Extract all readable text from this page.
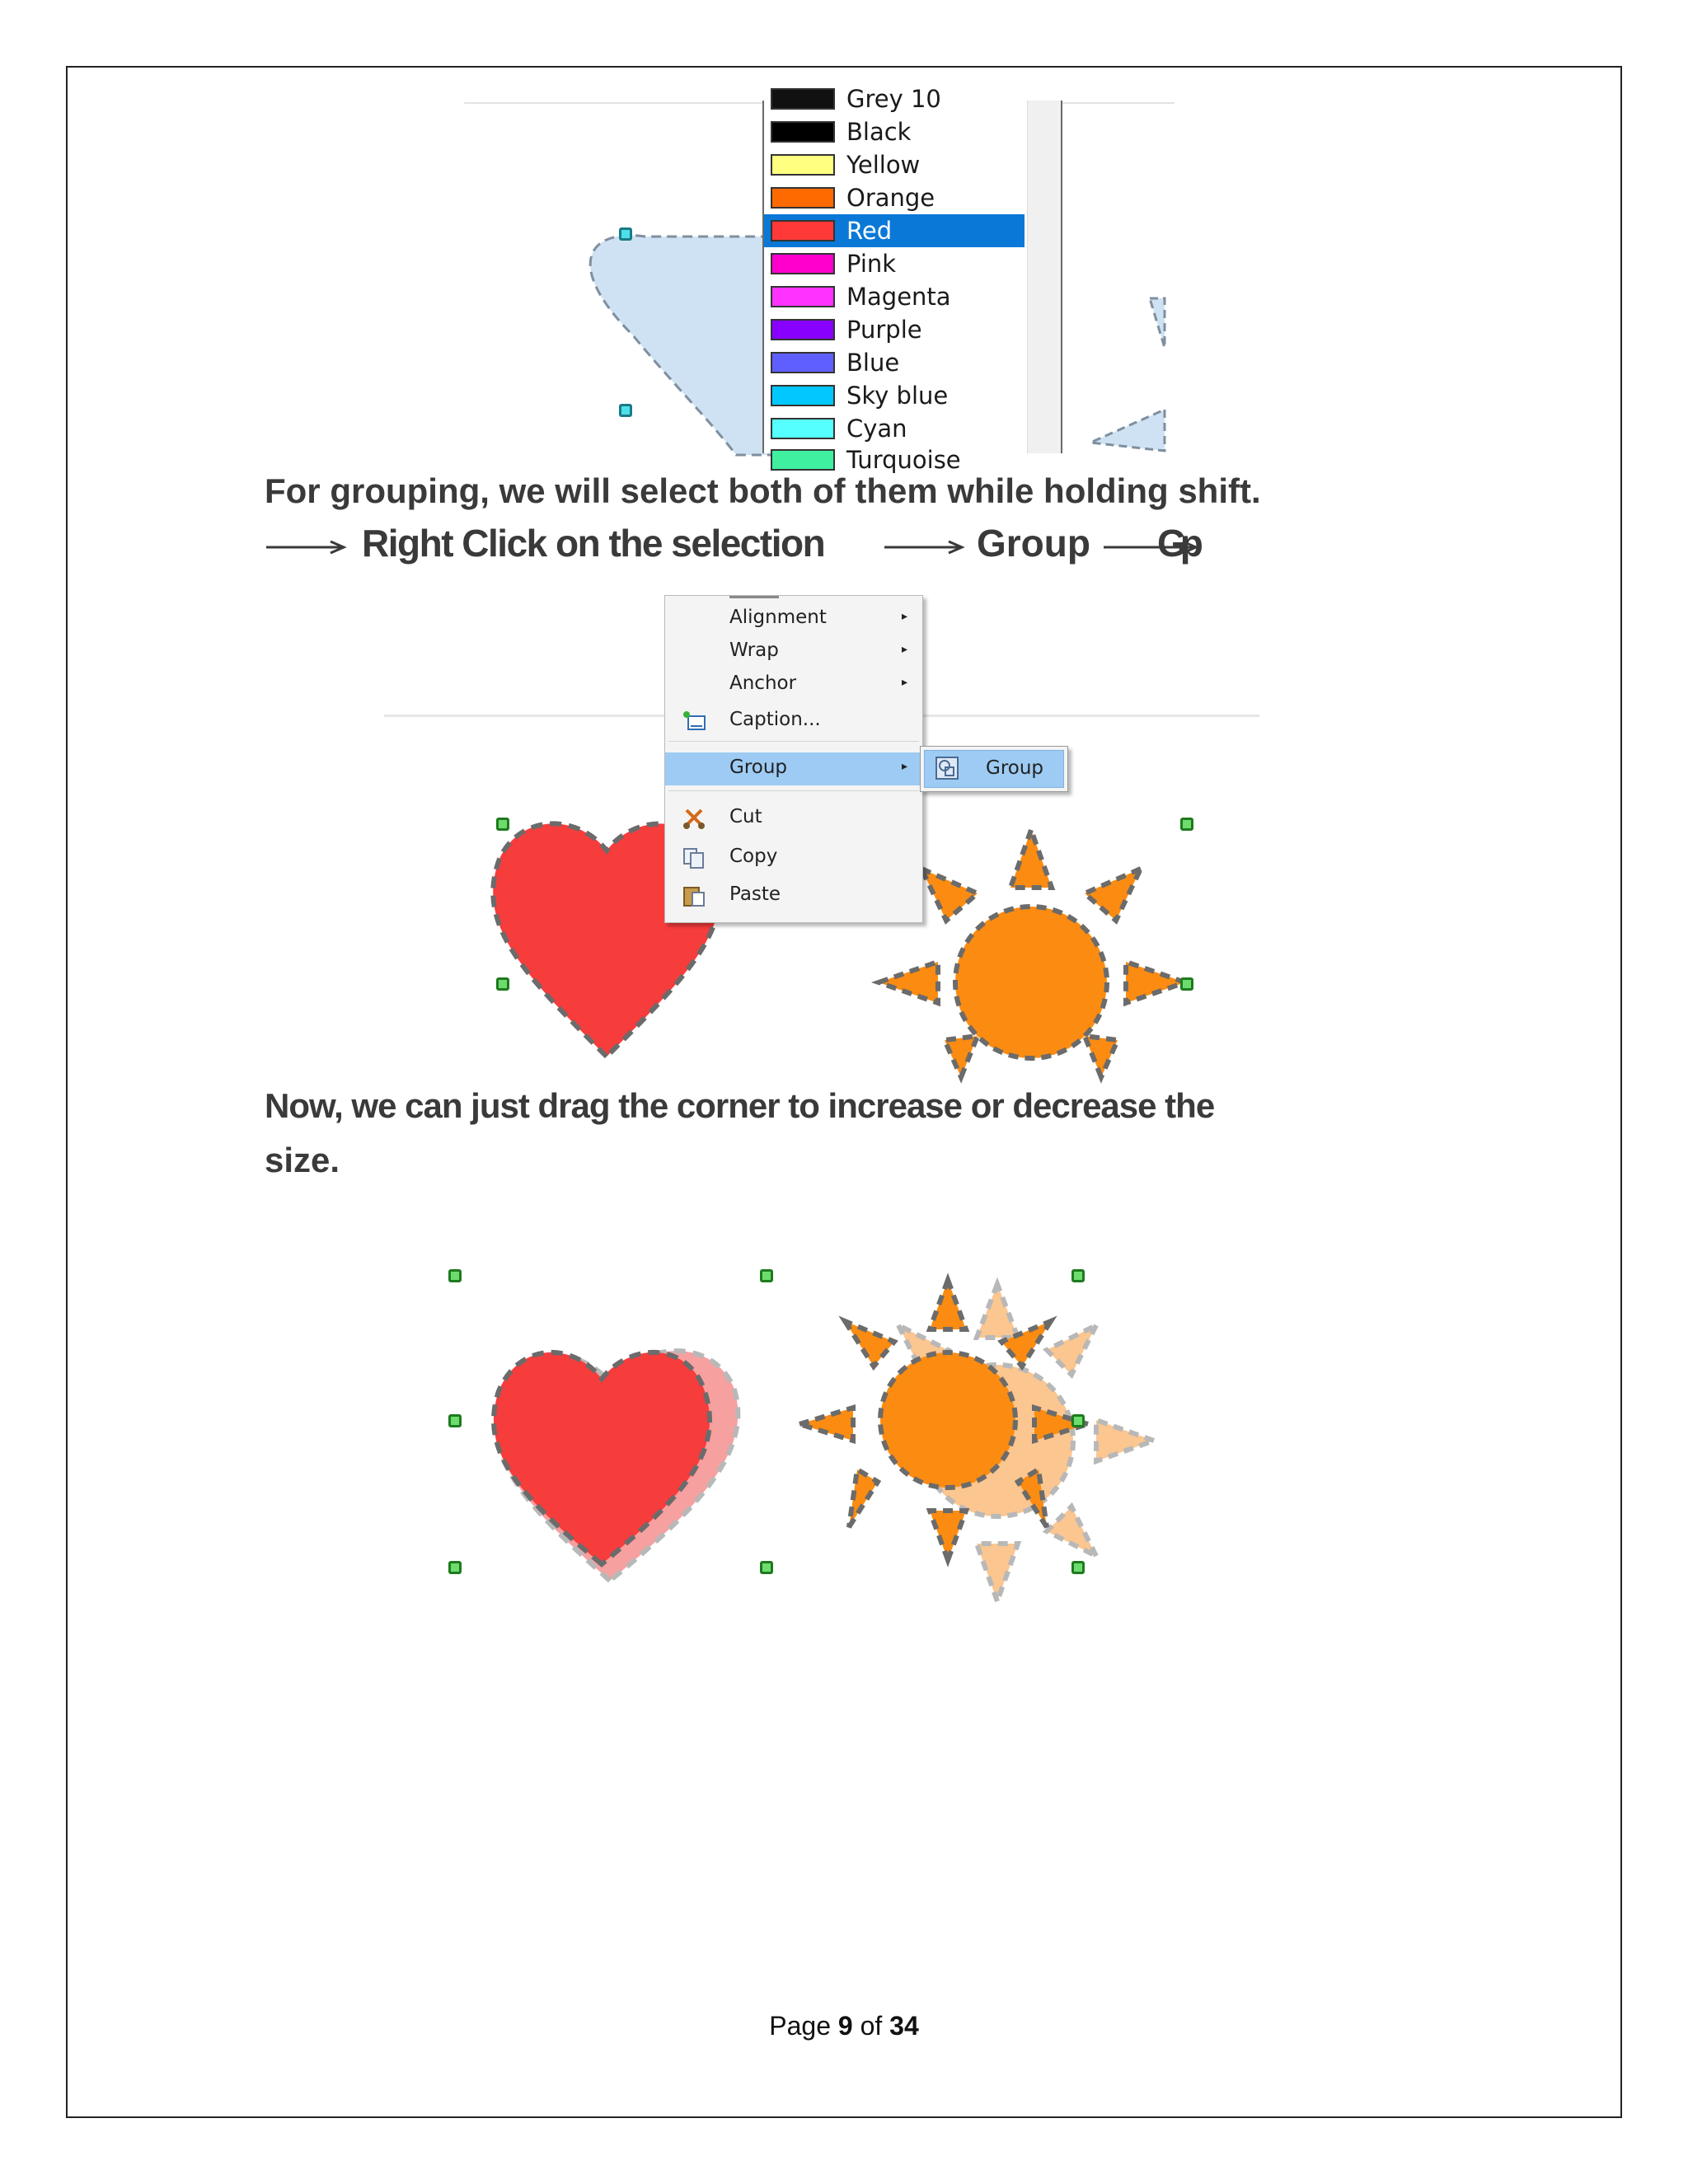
Grey 10
Black
Yellow
Orange
Red
Pink
Magenta
Purple
Blue
Sky blue
Cyan
Turquoise
For grouping, we will select both of them while holding shift.
Right Click on the selection	Group Gp
Alignment	▸
Wrap	▸
Anchor	▸
Caption...
Group	▸
Cut
Copy
Paste
Group
Now, we can just drag the corner to increase or decrease the
size.
Page 9 of 34
